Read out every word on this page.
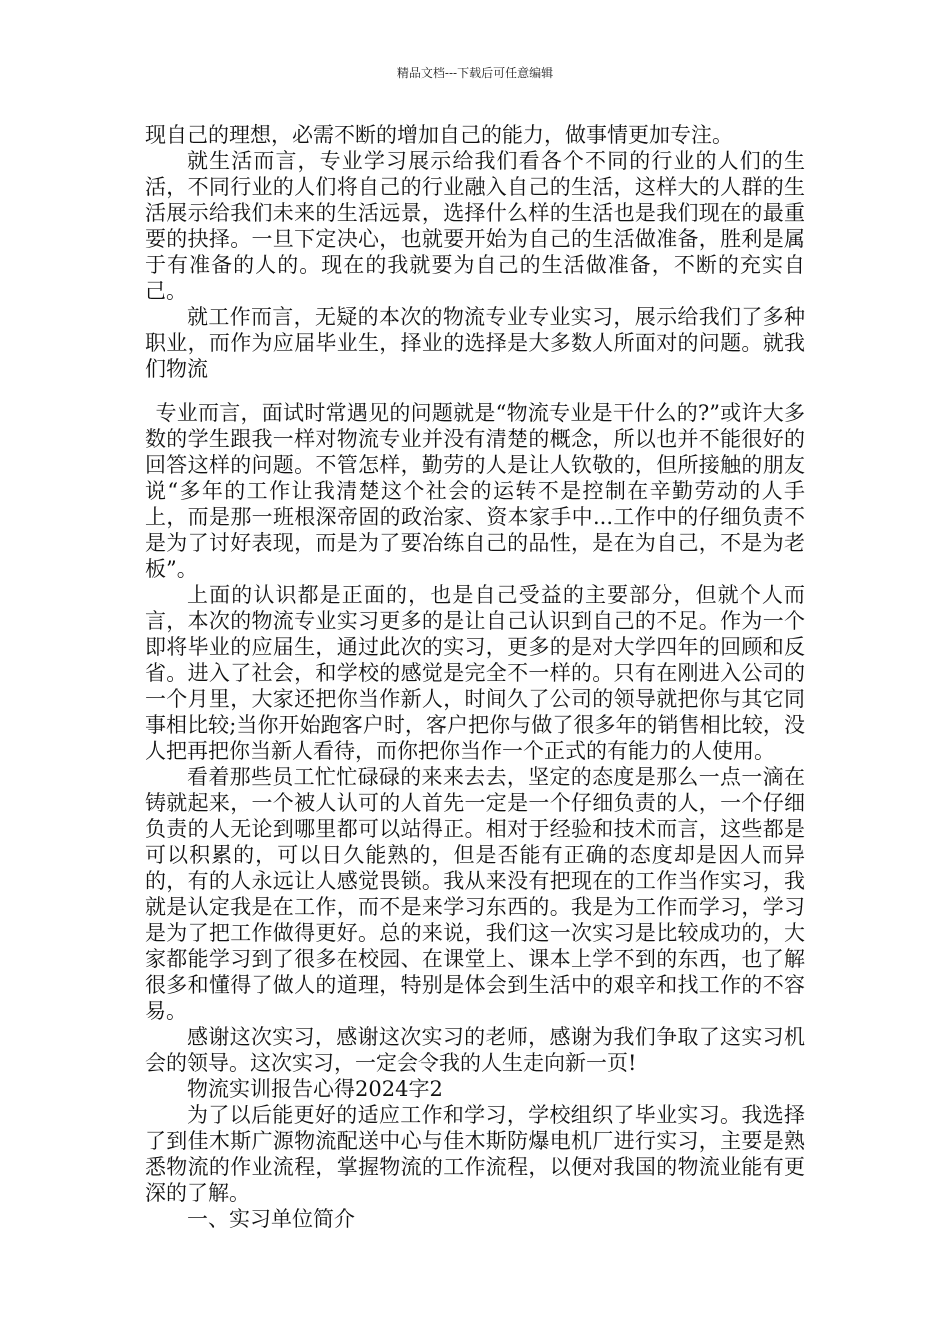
精品文档---下载后可任意编辑

现自己的理想，必需不断的增加自己的能力，做事情更加专注。

就生活而言，专业学习展示给我们看各个不同的行业的人们的生活，不同行业的人们将自己的行业融入自己的生活，这样大的人群的生活展示给我们未来的生活远景，选择什么样的生活也是我们现在的最重要的抉择。一旦下定决心，也就要开始为自己的生活做准备，胜利是属于有准备的人的。现在的我就要为自己的生活做准备，不断的充实自己。

就工作而言，无疑的本次的物流专业专业实习，展示给我们了多种职业，而作为应届毕业生，择业的选择是大多数人所面对的问题。就我们物流

专业而言，面试时常遇见的问题就是“物流专业是干什么的?”或许大多数的学生跟我一样对物流专业并没有清楚的概念，所以也并不能很好的回答这样的问题。不管怎样，勤劳的人是让人钦敬的，但所接触的朋友说“多年的工作让我清楚这个社会的运转不是控制在辛勤劳动的人手上，而是那一班根深帝固的政治家、资本家手中...工作中的仔细负责不是为了讨好表现，而是为了要冶练自己的品性，是在为自己，不是为老板”。

上面的认识都是正面的，也是自己受益的主要部分，但就个人而言，本次的物流专业实习更多的是让自己认识到自己的不足。作为一个即将毕业的应届生，通过此次的实习，更多的是对大学四年的回顾和反省。进入了社会，和学校的感觉是完全不一样的。只有在刚进入公司的一个月里，大家还把你当作新人，时间久了公司的领导就把你与其它同事相比较;当你开始跑客户时，客户把你与做了很多年的销售相比较，没人把再把你当新人看待，而你把你当作一个正式的有能力的人使用。

看着那些员工忙忙碌碌的来来去去，坚定的态度是那么一点一滴在铸就起来，一个被人认可的人首先一定是一个仔细负责的人，一个仔细负责的人无论到哪里都可以站得正。相对于经验和技术而言，这些都是可以积累的，可以日久能熟的，但是否能有正确的态度却是因人而异的，有的人永远让人感觉畏锁。我从来没有把现在的工作当作实习，我就是认定我是在工作，而不是来学习东西的。我是为工作而学习，学习是为了把工作做得更好。总的来说，我们这一次实习是比较成功的，大家都能学习到了很多在校园、在课堂上、课本上学不到的东西，也了解很多和懂得了做人的道理，特别是体会到生活中的艰辛和找工作的不容易。

感谢这次实习，感谢这次实习的老师，感谢为我们争取了这实习机会的领导。这次实习，一定会令我的人生走向新一页!

物流实训报告心得2024字2

为了以后能更好的适应工作和学习，学校组织了毕业实习。我选择了到佳木斯广源物流配送中心与佳木斯防爆电机厂进行实习，主要是熟悉物流的作业流程，掌握物流的工作流程，以便对我国的物流业能有更深的了解。

一、实习单位简介
